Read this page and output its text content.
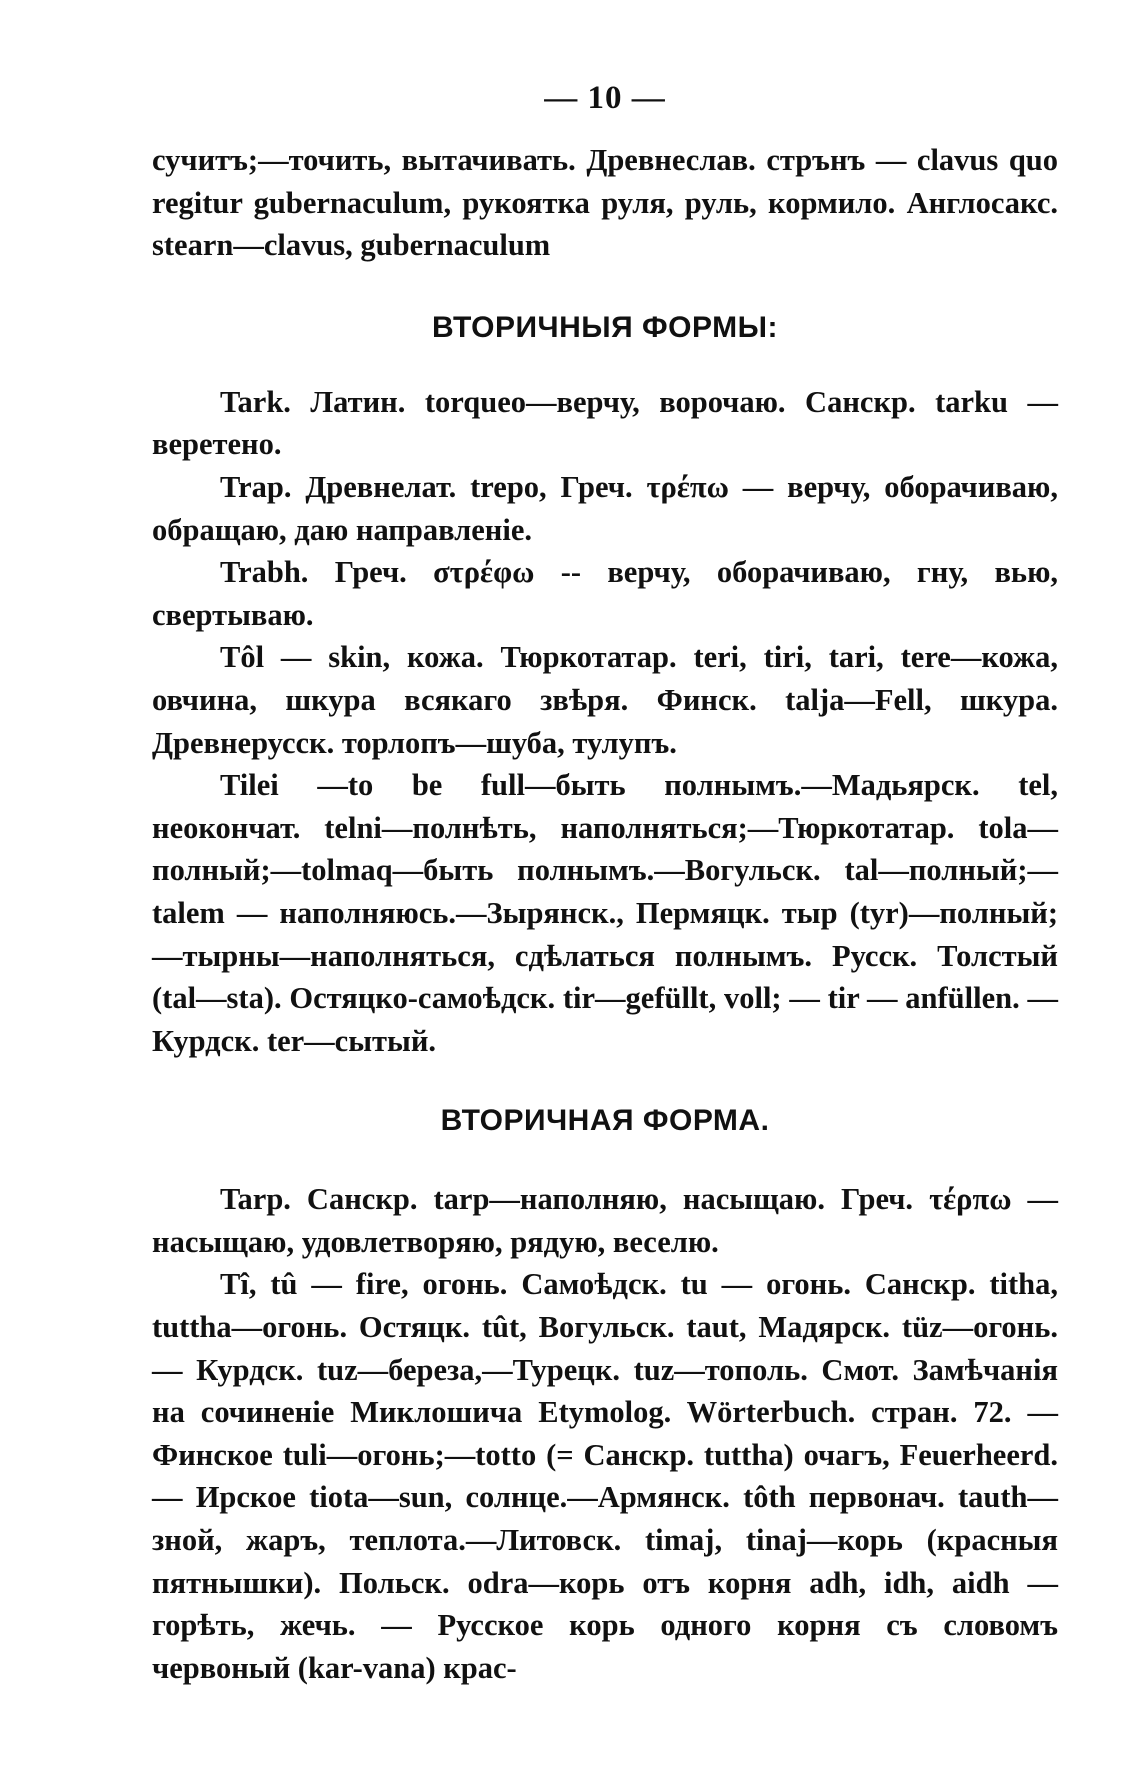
— 10 —

сучитъ;—точить, вытачивать. Древнеслав. стрънъ — clavus quo regitur gubernaculum, рукоятка руля, руль, кормило. Англосакс. stearn—clavus, gubernaculum

ВТОРИЧНЫЯ ФОРМЫ:

Tark. Латин. torqueo—верчу, ворочаю. Санскр. tarku — веретено.

Trap. Древнелат. trepo, Греч. τρέπω — верчу, оборачиваю, обращаю, даю направленіе.

Trabh. Греч. στρέφω -- верчу, оборачиваю, гну, вью, свертываю.

Tôl — skin, кожа. Тюркотатар. teri, tiri, tari, tere—кожа, овчина, шкура всякаго звѣря. Финск. talja—Fell, шкура. Древнерусск. торлопъ—шуба, тулупъ.

Tilei —to be full—быть полнымъ.—Мадьярск. tel, неокончат. telni—полнѣть, наполняться;—Тюркотатар. tola—полный;—tolmaq—быть полнымъ.—Вогульск. tal—полный;—talem — наполняюсь.—Зырянск., Пермяцк. тыр (tyr)—полный;—тырны—наполняться, сдѣлаться полнымъ. Русск. Толстый (tal—sta). Остяцко-самоѣдск. tir—gefüllt, voll; — tir — anfüllen. — Курдск. ter—сытый.

ВТОРИЧНАЯ ФОРМА.

Tarp. Санскр. tarp—наполняю, насыщаю. Греч. τέρπω —насыщаю, удовлетворяю, рядую, веселю.

Tî, tû — fire, огонь. Самоѣдск. tu — огонь. Санскр. titha, tuttha—огонь. Остяцк. tût, Вогульск. taut, Мадярск. tüz—огонь.— Курдск. tuz—береза,—Турецк. tuz—тополь. Смот. Замѣчанія на сочиненіе Миклошича Etymolog. Wörterbuch. стран. 72. — Финское tuli—огонь;—totto (= Санскр. tuttha) очагъ, Feuerheerd.— Ирское tiota—sun, солнце.—Армянск. tôth первонач. tauth—зной, жаръ, теплота.—Литовск. timaj, tinaj—корь (красныя пятнышки). Польск. odra—корь отъ корня adh, idh, aidh — горѣть, жечь. — Русское корь одного корня съ словомъ червоный (kar-vana) крас-
